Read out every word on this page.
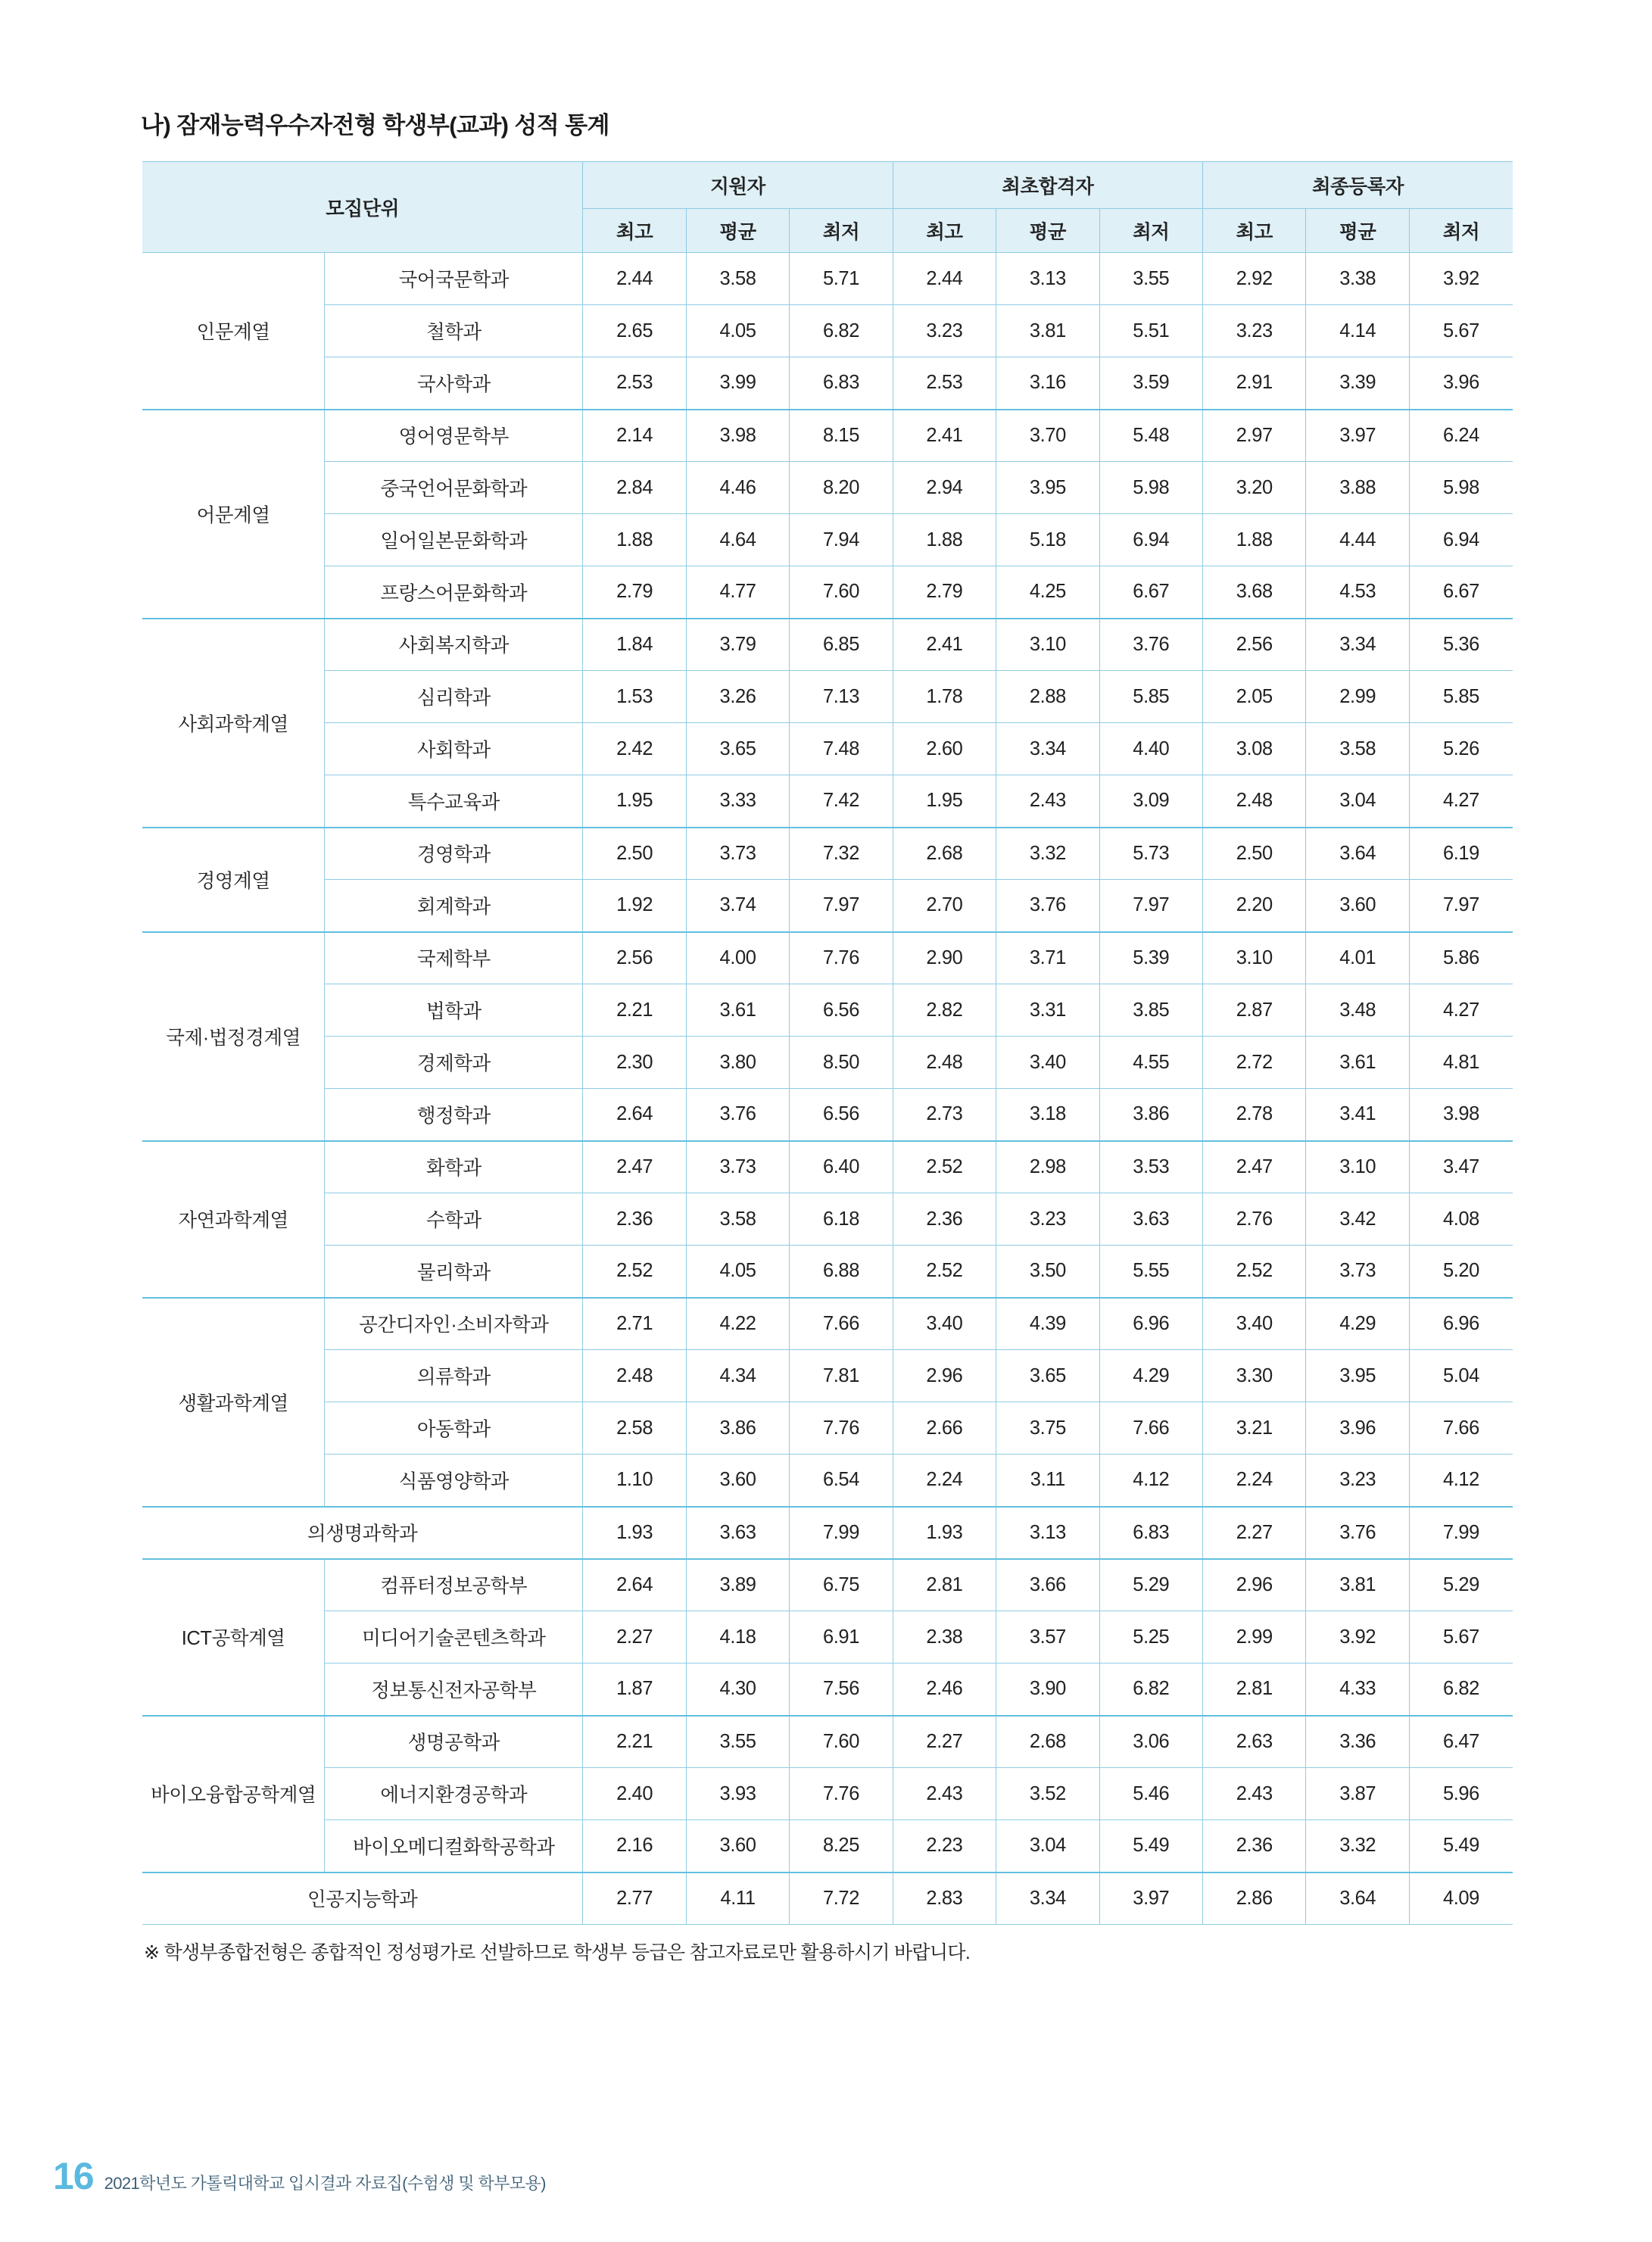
나) 잠재능력우수자전형 학생부(교과) 성적 통계
모집단위		지원자			최초합격자			최종등록자		
		최고	평균	최저	최고	평균	최저	최고	평균	최저
인문계열	국어국문학과	2.44	3.58	5.71	2.44	3.13	3.55	2.92	3.38	3.92
	철학과	2.65	4.05	6.82	3.23	3.81	5.51	3.23	4.14	5.67
	국사학과	2.53	3.99	6.83	2.53	3.16	3.59	2.91	3.39	3.96
어문계열	영어영문학부	2.14	3.98	8.15	2.41	3.70	5.48	2.97	3.97	6.24
	중국언어문화학과	2.84	4.46	8.20	2.94	3.95	5.98	3.20	3.88	5.98
	일어일본문화학과	1.88	4.64	7.94	1.88	5.18	6.94	1.88	4.44	6.94
	프랑스어문화학과	2.79	4.77	7.60	2.79	4.25	6.67	3.68	4.53	6.67
사회과학계열	사회복지학과	1.84	3.79	6.85	2.41	3.10	3.76	2.56	3.34	5.36
	심리학과	1.53	3.26	7.13	1.78	2.88	5.85	2.05	2.99	5.85
	사회학과	2.42	3.65	7.48	2.60	3.34	4.40	3.08	3.58	5.26
	특수교육과	1.95	3.33	7.42	1.95	2.43	3.09	2.48	3.04	4.27
경영계열	경영학과	2.50	3.73	7.32	2.68	3.32	5.73	2.50	3.64	6.19
	회계학과	1.92	3.74	7.97	2.70	3.76	7.97	2.20	3.60	7.97
국제·법정경계열	국제학부	2.56	4.00	7.76	2.90	3.71	5.39	3.10	4.01	5.86
	법학과	2.21	3.61	6.56	2.82	3.31	3.85	2.87	3.48	4.27
	경제학과	2.30	3.80	8.50	2.48	3.40	4.55	2.72	3.61	4.81
	행정학과	2.64	3.76	6.56	2.73	3.18	3.86	2.78	3.41	3.98
자연과학계열	화학과	2.47	3.73	6.40	2.52	2.98	3.53	2.47	3.10	3.47
	수학과	2.36	3.58	6.18	2.36	3.23	3.63	2.76	3.42	4.08
	물리학과	2.52	4.05	6.88	2.52	3.50	5.55	2.52	3.73	5.20
생활과학계열	공간디자인·소비자학과	2.71	4.22	7.66	3.40	4.39	6.96	3.40	4.29	6.96
	의류학과	2.48	4.34	7.81	2.96	3.65	4.29	3.30	3.95	5.04
	아동학과	2.58	3.86	7.76	2.66	3.75	7.66	3.21	3.96	7.66
	식품영양학과	1.10	3.60	6.54	2.24	3.11	4.12	2.24	3.23	4.12
의생명과학과		1.93	3.63	7.99	1.93	3.13	6.83	2.27	3.76	7.99
ICT공학계열	컴퓨터정보공학부	2.64	3.89	6.75	2.81	3.66	5.29	2.96	3.81	5.29
	미디어기술콘텐츠학과	2.27	4.18	6.91	2.38	3.57	5.25	2.99	3.92	5.67
	정보통신전자공학부	1.87	4.30	7.56	2.46	3.90	6.82	2.81	4.33	6.82
바이오융합공학계열	생명공학과	2.21	3.55	7.60	2.27	2.68	3.06	2.63	3.36	6.47
	에너지환경공학과	2.40	3.93	7.76	2.43	3.52	5.46	2.43	3.87	5.96
	바이오메디컬화학공학과	2.16	3.60	8.25	2.23	3.04	5.49	2.36	3.32	5.49
인공지능학과		2.77	4.11	7.72	2.83	3.34	3.97	2.86	3.64	4.09
※ 학생부종합전형은 종합적인 정성평가로 선발하므로 학생부 등급은 참고자료로만 활용하시기 바랍니다.
16 2021학년도 가톨릭대학교 입시결과 자료집(수험생 및 학부모용)
